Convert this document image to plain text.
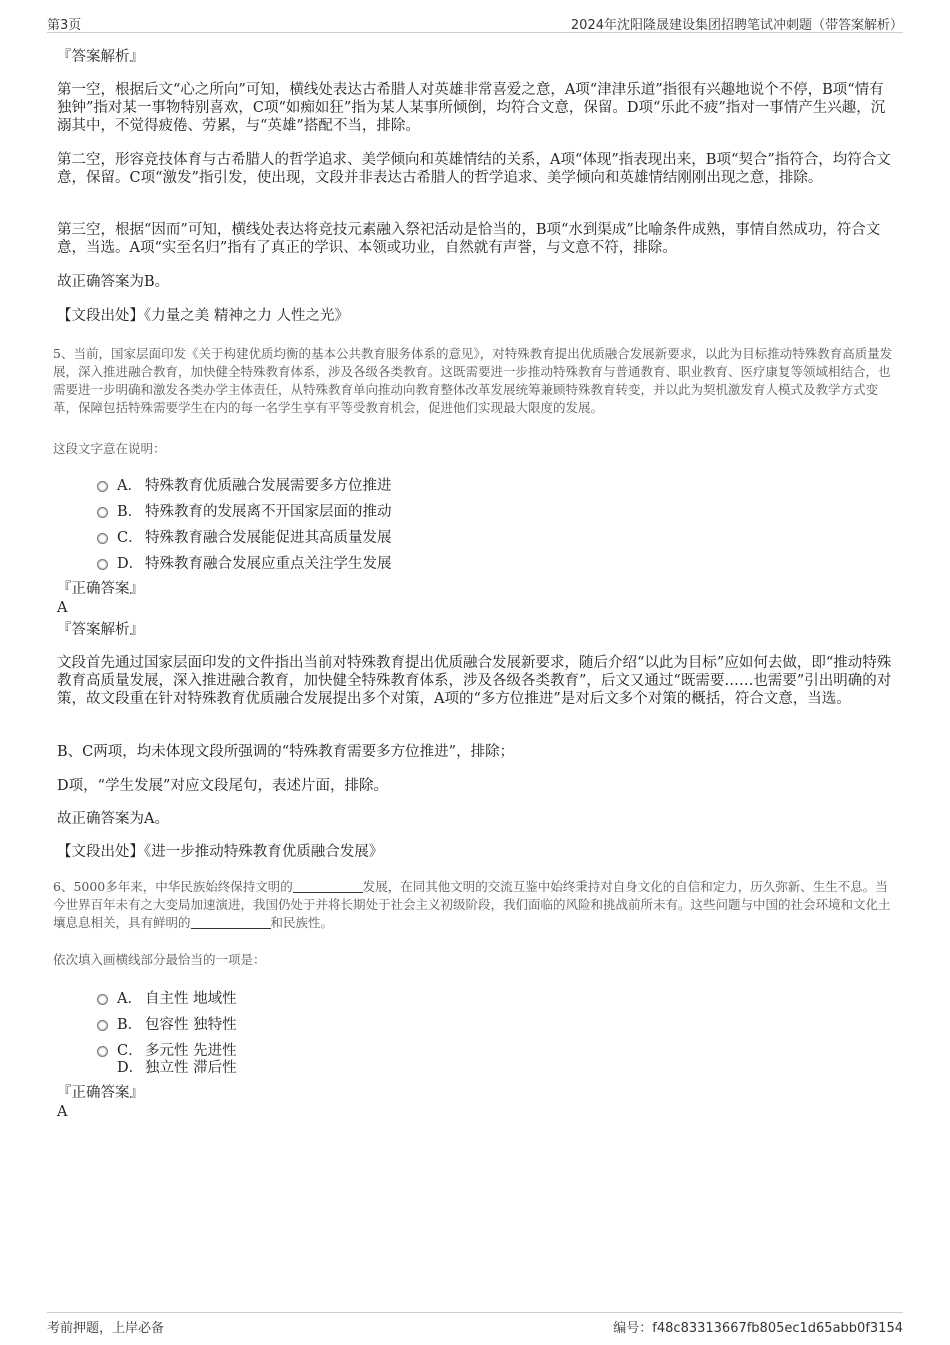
第3页	2024年沈阳隆晟建设集团招聘笔试冲刺题（带答案解析）
『答案解析』
第一空，根据后文“心之所向”可知，横线处表达古希腊人对英雄非常喜爱之意，A项“津津乐道”指很有兴趣地说个不停，B项“情有独钟”指对某一事物特别喜欢，C项“如痴如狂”指为某人某事所倾倒，均符合文意，保留。D项“乐此不疲”指对一事情产生兴趣，沉溺其中，不觉得疲倦、劳累，与“英雄”搭配不当，排除。
第二空，形容竞技体育与古希腊人的哲学追求、美学倾向和英雄情结的关系，A项“体现”指表现出来，B项“契合”指符合，均符合文意，保留。C项“激发”指引发，使出现，文段并非表达古希腊人的哲学追求、美学倾向和英雄情结刚刚出现之意，排除。
第三空，根据“因而”可知，横线处表达将竞技元素融入祭祀活动是恰当的，B项“水到渠成”比喻条件成熟，事情自然成功，符合文意，当选。A项“实至名归”指有了真正的学识、本领或功业，自然就有声誉，与文意不符，排除。
故正确答案为B。
【文段出处】《力量之美 精神之力 人性之光》
5、当前，国家层面印发《关于构建优质均衡的基本公共教育服务体系的意见》，对特殊教育提出优质融合发展新要求，以此为目标推动特殊教育高质量发展，深入推进融合教育，加快健全特殊教育体系，涉及各级各类教育。这既需要进一步推动特殊教育与普通教育、职业教育、医疗康复等领域相结合，也需要进一步明确和激发各类办学主体责任，从特殊教育单向推动向教育整体改革发展统筹兼顾特殊教育转变，并以此为契机激发育人模式及教学方式变革，保障包括特殊需要学生在内的每一名学生享有平等受教育机会，促进他们实现最大限度的发展。
这段文字意在说明：
A． 特殊教育优质融合发展需要多方位推进
B． 特殊教育的发展离不开国家层面的推动
C． 特殊教育融合发展能促进其高质量发展
D． 特殊教育融合发展应重点关注学生发展
『正确答案』
A
『答案解析』
文段首先通过国家层面印发的文件指出当前对特殊教育提出优质融合发展新要求，随后介绍“以此为目标”应如何去做，即“推动特殊教育高质量发展，深入推进融合教育，加快健全特殊教育体系，涉及各级各类教育”，后文又通过“既需要……也需要”引出明确的对策，故文段重在针对特殊教育优质融合发展提出多个对策，A项的“多方位推进”是对后文多个对策的概括，符合文意，当选。
B、C两项，均未体现文段所强调的“特殊教育需要多方位推进”，排除；
D项，“学生发展”对应文段尾句，表述片面，排除。
故正确答案为A。
【文段出处】《进一步推动特殊教育优质融合发展》
6、5000多年来，中华民族始终保持文明的	发展，在同其他文明的交流互鉴中始终秉持对自身文化的自信和定力，历久弥新、生生不息。当今世界百年未有之大变局加速演进，我国仍处于并将长期处于社会主义初级阶段，我们面临的风险和挑战前所未有。这些问题与中国的社会环境和文化土壤息息相关，具有鲜明的	和民族性。
依次填入画横线部分最恰当的一项是：
A． 自主性 地域性
B． 包容性 独特性
C． 多元性 先进性
D． 独立性 滞后性
『正确答案』
A
考前押题，上岸必备	编号：f48c83313667fb805ec1d65abb0f3154
